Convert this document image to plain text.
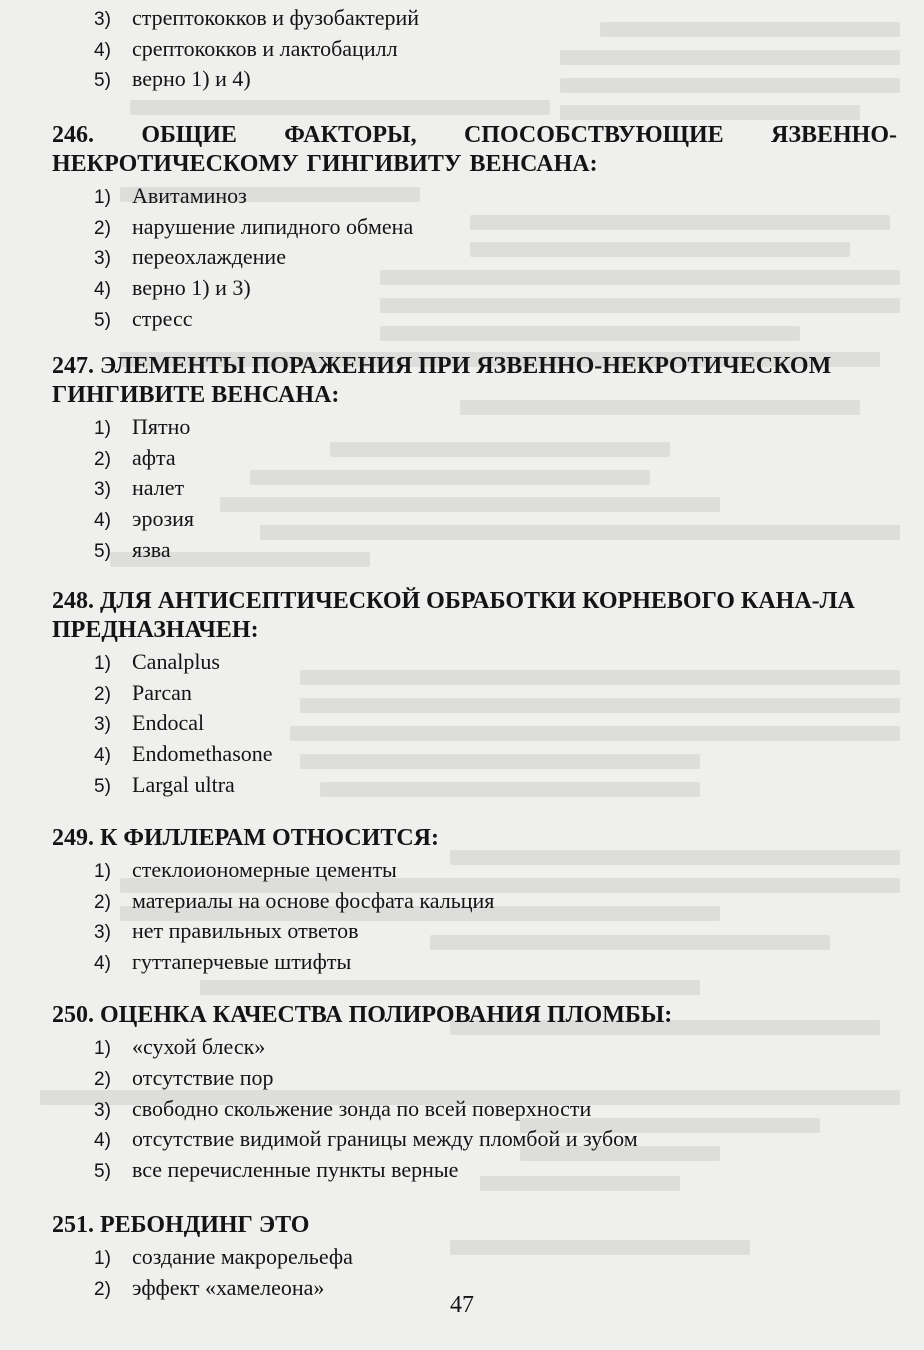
3) стрептококков и фузобактерий
4) срептококков и лактобацилл
5) верно 1) и 4)
246. ОБЩИЕ ФАКТОРЫ, СПОСОБСТВУЮЩИЕ ЯЗВЕННО-НЕКРОТИЧЕСКОМУ ГИНГИВИТУ ВЕНСАНА:
1) Авитаминоз
2) нарушение липидного обмена
3) переохлаждение
4) верно 1) и 3)
5) стресс
247. ЭЛЕМЕНТЫ ПОРАЖЕНИЯ ПРИ ЯЗВЕННО-НЕКРОТИЧЕСКОМ ГИНГИВИТЕ ВЕНСАНА:
1) Пятно
2) афта
3) налет
4) эрозия
5) язва
248. ДЛЯ АНТИСЕПТИЧЕСКОЙ ОБРАБОТКИ КОРНЕВОГО КАНА-ЛА ПРЕДНАЗНАЧЕН:
1) Canalplus
2) Parcan
3) Endocal
4) Endomethasone
5) Largal ultra
249. К ФИЛЛЕРАМ ОТНОСИТСЯ:
1) стеклоиономерные цементы
2) материалы на основе фосфата кальция
3) нет правильных ответов
4) гуттаперчевые штифты
250. ОЦЕНКА КАЧЕСТВА ПОЛИРОВАНИЯ ПЛОМБЫ:
1) «сухой блеск»
2) отсутствие пор
3) свободно скольжение зонда по всей поверхности
4) отсутствие видимой границы между пломбой и зубом
5) все перечисленные пункты верные
251. РЕБОНДИНГ ЭТО
1) создание макрорельефа
2) эффект «хамелеона»
47
